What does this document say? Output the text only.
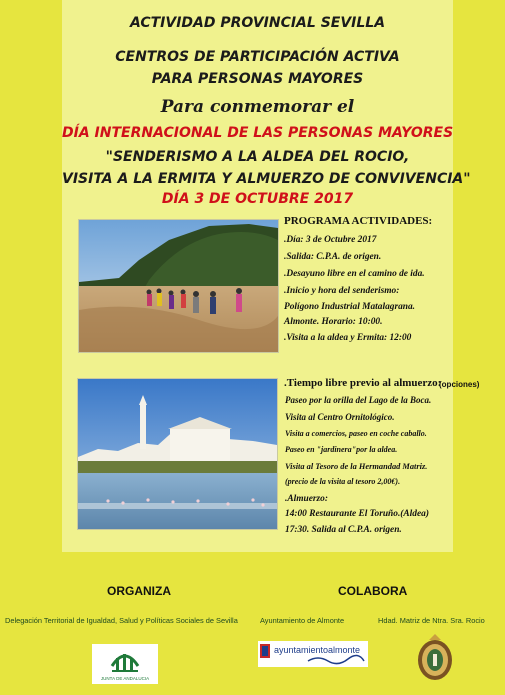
ACTIVIDAD PROVINCIAL SEVILLA
CENTROS DE PARTICIPACIÓN ACTIVA
PARA PERSONAS MAYORES
Para conmemorar el
DÍA INTERNACIONAL DE LAS PERSONAS MAYORES
"SENDERISMO A LA ALDEA DEL ROCIO,
VISITA A LA ERMITA Y ALMUERZO DE CONVIVENCIA"
DÍA 3 DE OCTUBRE 2017
PROGRAMA ACTIVIDADES:
.Día: 3 de Octubre 2017
.Salida: C.P.A. de origen.
.Desayuno libre en el camino de ida.
.Inicio y hora del senderismo:
Polígono Industrial Matalagrana.
Almonte. Horario: 10:00.
.Visita a la aldea y Ermita: 12:00
.Tiempo libre previo al almuerzo:
(opciones)
Paseo por la orilla del Lago de la Boca.
Visita al Centro Ornitológico.
Visita a comercios, paseo en coche caballo.
Paseo en "jardinera"por la aldea.
Visita al Tesoro de la Hermandad Matriz.
(precio de la visita al tesoro 2,00€).
.Almuerzo:
14:00 Restaurante El Toruño.(Aldea)
17:30. Salida al C.P.A. origen.
ORGANIZA	COLABORA
Delegación Territorial de Igualdad, Salud y Políticas Sociales de Sevilla	Ayuntamiento de Almonte	Hdad. Matriz de Ntra. Sra. Rocio
JUNTA DE ANDALUCIA
ayuntamientoalmonte
